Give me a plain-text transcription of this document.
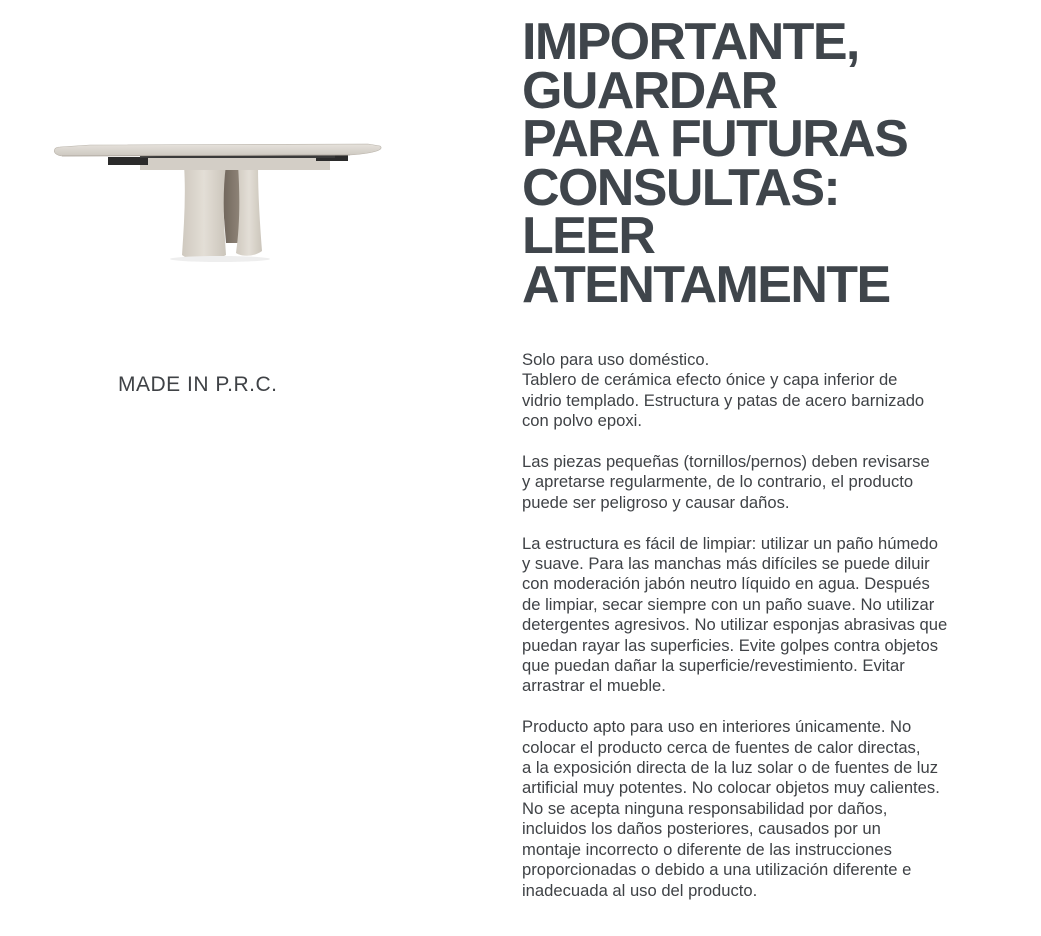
MADE IN P.R.C.
IMPORTANTE,
GUARDAR
PARA FUTURAS
CONSULTAS:
LEER
ATENTAMENTE

Solo para uso doméstico.
Tablero de cerámica efecto ónice y capa inferior de
vidrio templado. Estructura y patas de acero barnizado
con polvo epoxi.

Las piezas pequeñas (tornillos/pernos) deben revisarse
y apretarse regularmente, de lo contrario, el producto
puede ser peligroso y causar daños.

La estructura es fácil de limpiar: utilizar un paño húmedo
y suave. Para las manchas más difíciles se puede diluir
con moderación jabón neutro líquido en agua. Después
de limpiar, secar siempre con un paño suave. No utilizar
detergentes agresivos. No utilizar esponjas abrasivas que
puedan rayar las superficies. Evite golpes contra objetos
que puedan dañar la superficie/revestimiento. Evitar
arrastrar el mueble.

Producto apto para uso en interiores únicamente. No
colocar el producto cerca de fuentes de calor directas,
a la exposición directa de la luz solar o de fuentes de luz
artificial muy potentes. No colocar objetos muy calientes.
No se acepta ninguna responsabilidad por daños,
incluidos los daños posteriores, causados por un
montaje incorrecto o diferente de las instrucciones
proporcionadas o debido a una utilización diferente e
inadecuada al uso del producto.
